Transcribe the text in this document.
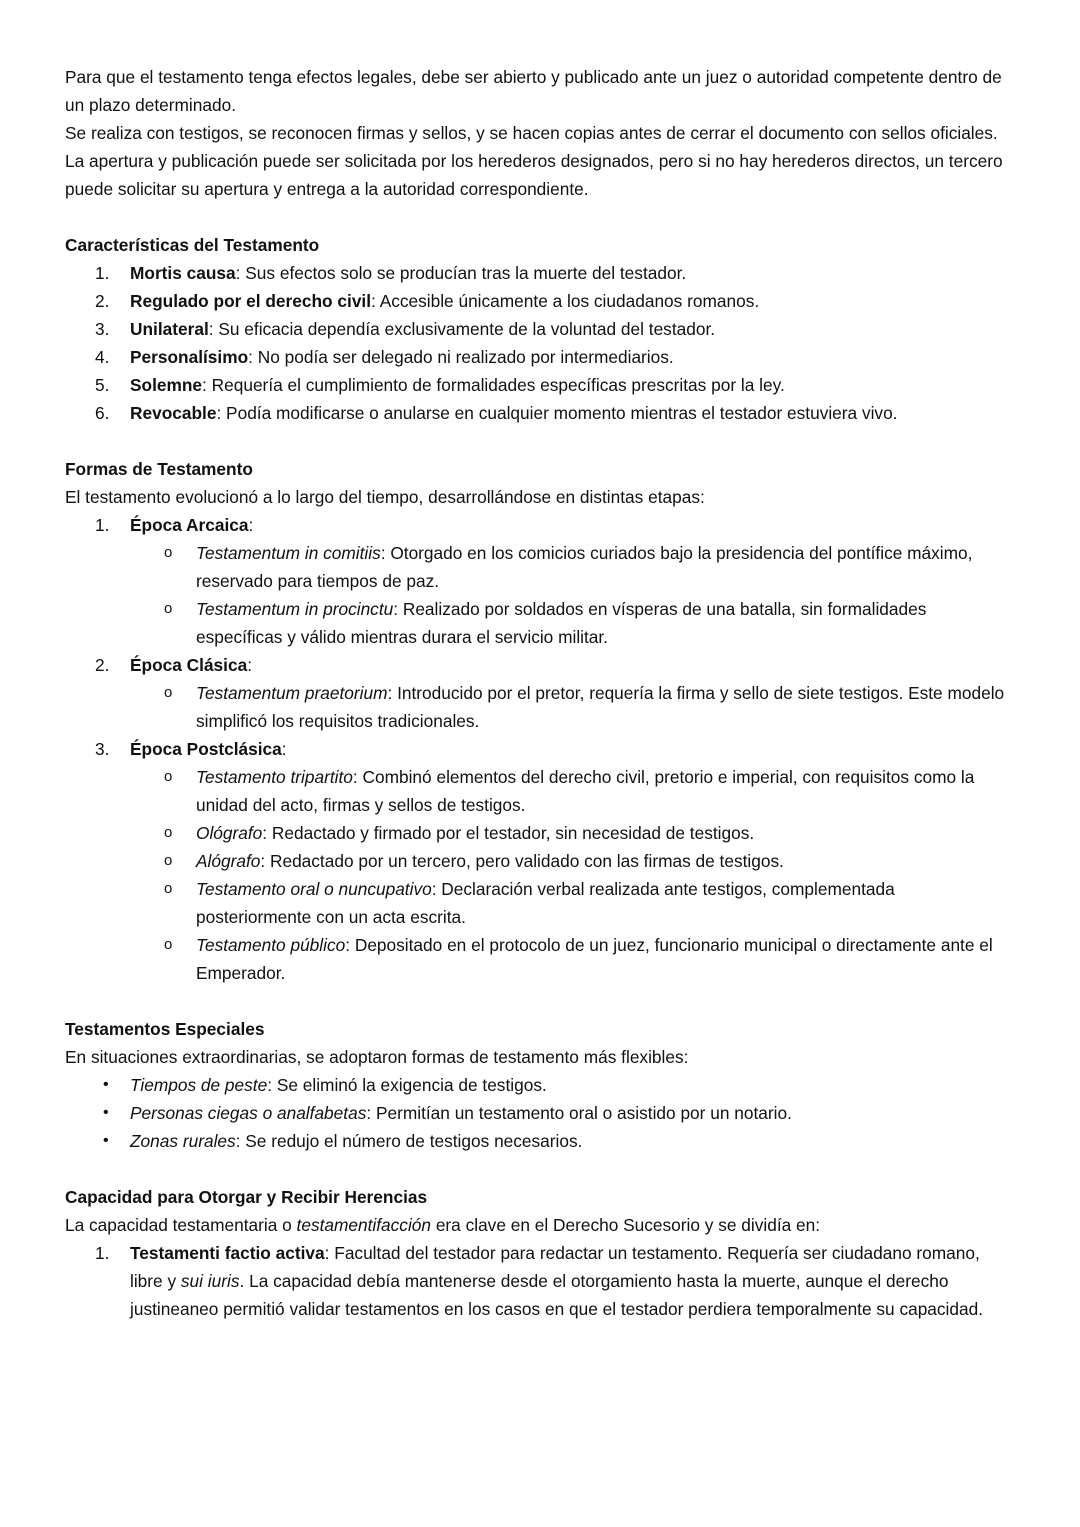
Para que el testamento tenga efectos legales, debe ser abierto y publicado ante un juez o autoridad competente dentro de un plazo determinado.

Se realiza con testigos, se reconocen firmas y sellos, y se hacen copias antes de cerrar el documento con sellos oficiales.

La apertura y publicación puede ser solicitada por los herederos designados, pero si no hay herederos directos, un tercero puede solicitar su apertura y entrega a la autoridad correspondiente.

Características del Testamento

1.	Mortis causa: Sus efectos solo se producían tras la muerte del testador.
2.	Regulado por el derecho civil: Accesible únicamente a los ciudadanos romanos.
3.	Unilateral: Su eficacia dependía exclusivamente de la voluntad del testador.
4.	Personalísimo: No podía ser delegado ni realizado por intermediarios.
5.	Solemne: Requería el cumplimiento de formalidades específicas prescritas por la ley.
6.	Revocable: Podía modificarse o anularse en cualquier momento mientras el testador estuviera vivo.

Formas de Testamento

El testamento evolucionó a lo largo del tiempo, desarrollándose en distintas etapas:

1.	Época Arcaica:
o	Testamentum in comitiis: Otorgado en los comicios curiados bajo la presidencia del pontífice máximo, reservado para tiempos de paz.
o	Testamentum in procinctu: Realizado por soldados en vísperas de una batalla, sin formalidades específicas y válido mientras durara el servicio militar.
2.	Época Clásica:
o	Testamentum praetorium: Introducido por el pretor, requería la firma y sello de siete testigos. Este modelo simplificó los requisitos tradicionales.
3.	Época Postclásica:
o	Testamento tripartito: Combinó elementos del derecho civil, pretorio e imperial, con requisitos como la unidad del acto, firmas y sellos de testigos.
o	Ológrafo: Redactado y firmado por el testador, sin necesidad de testigos.
o	Alógrafo: Redactado por un tercero, pero validado con las firmas de testigos.
o	Testamento oral o nuncupativo: Declaración verbal realizada ante testigos, complementada posteriormente con un acta escrita.
o	Testamento público: Depositado en el protocolo de un juez, funcionario municipal o directamente ante el Emperador.

Testamentos Especiales

En situaciones extraordinarias, se adoptaron formas de testamento más flexibles:

•	Tiempos de peste: Se eliminó la exigencia de testigos.
•	Personas ciegas o analfabetas: Permitían un testamento oral o asistido por un notario.
•	Zonas rurales: Se redujo el número de testigos necesarios.

Capacidad para Otorgar y Recibir Herencias

La capacidad testamentaria o testamentifacción era clave en el Derecho Sucesorio y se dividía en:

1.	Testamenti factio activa: Facultad del testador para redactar un testamento. Requería ser ciudadano romano, libre y sui iuris. La capacidad debía mantenerse desde el otorgamiento hasta la muerte, aunque el derecho justineaneo permitió validar testamentos en los casos en que el testador perdiera temporalmente su capacidad.
